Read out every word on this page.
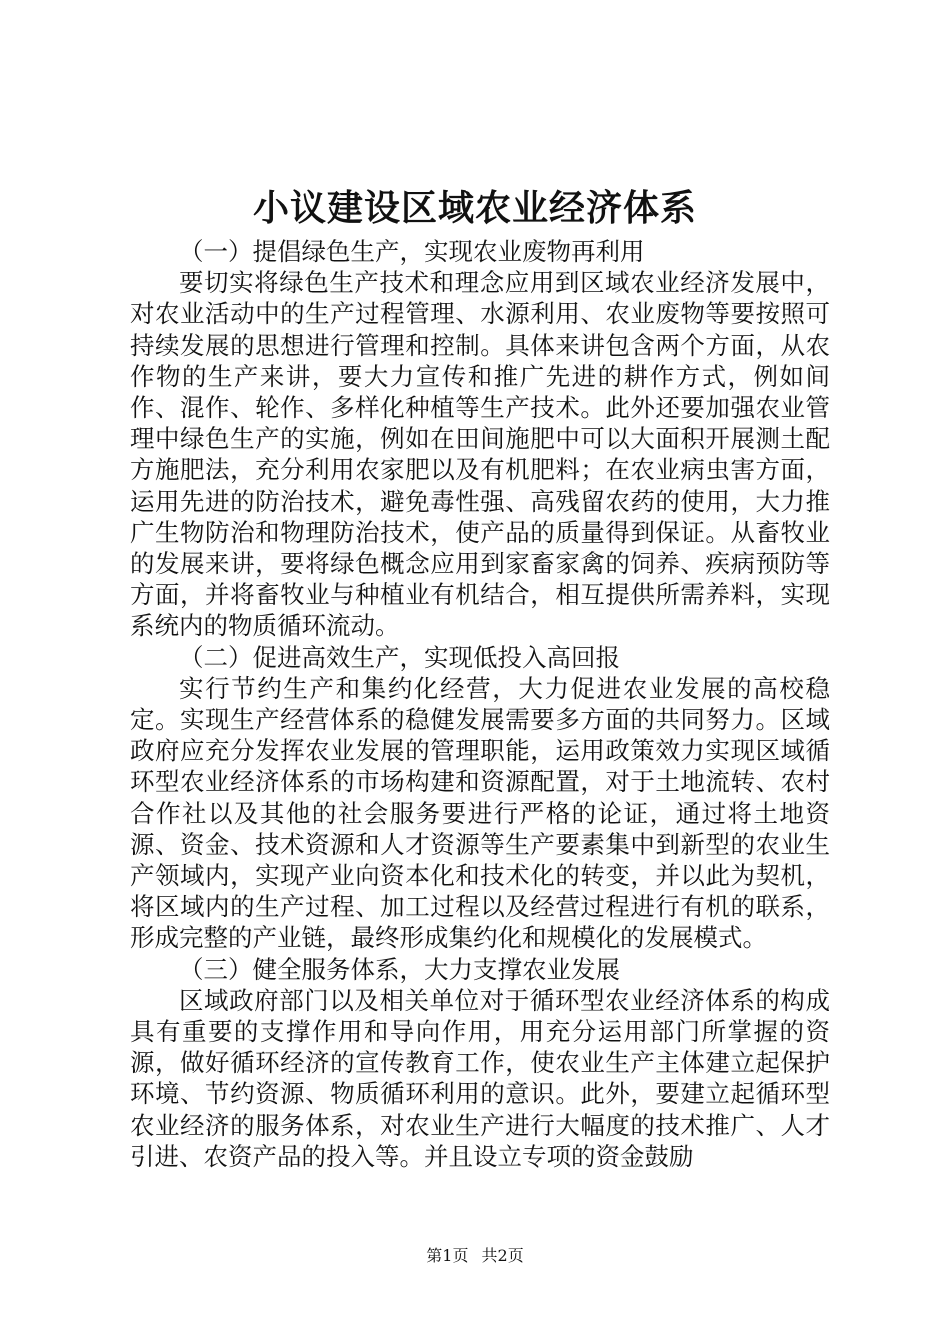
小议建设区域农业经济体系

（一）提倡绿色生产，实现农业废物再利用

要切实将绿色生产技术和理念应用到区域农业经济发展中，对农业活动中的生产过程管理、水源利用、农业废物等要按照可持续发展的思想进行管理和控制。具体来讲包含两个方面，从农作物的生产来讲，要大力宣传和推广先进的耕作方式，例如间作、混作、轮作、多样化种植等生产技术。此外还要加强农业管理中绿色生产的实施，例如在田间施肥中可以大面积开展测土配方施肥法，充分利用农家肥以及有机肥料；在农业病虫害方面，运用先进的防治技术，避免毒性强、高残留农药的使用，大力推广生物防治和物理防治技术，使产品的质量得到保证。从畜牧业的发展来讲，要将绿色概念应用到家畜家禽的饲养、疾病预防等方面，并将畜牧业与种植业有机结合，相互提供所需养料，实现系统内的物质循环流动。

（二）促进高效生产，实现低投入高回报

实行节约生产和集约化经营，大力促进农业发展的高校稳定。实现生产经营体系的稳健发展需要多方面的共同努力。区域政府应充分发挥农业发展的管理职能，运用政策效力实现区域循环型农业经济体系的市场构建和资源配置，对于土地流转、农村合作社以及其他的社会服务要进行严格的论证，通过将土地资源、资金、技术资源和人才资源等生产要素集中到新型的农业生产领域内，实现产业向资本化和技术化的转变，并以此为契机，将区域内的生产过程、加工过程以及经营过程进行有机的联系，形成完整的产业链，最终形成集约化和规模化的发展模式。

（三）健全服务体系，大力支撑农业发展

区域政府部门以及相关单位对于循环型农业经济体系的构成具有重要的支撑作用和导向作用，用充分运用部门所掌握的资源，做好循环经济的宣传教育工作，使农业生产主体建立起保护环境、节约资源、物质循环利用的意识。此外，要建立起循环型农业经济的服务体系，对农业生产进行大幅度的技术推广、人才引进、农资产品的投入等。并且设立专项的资金鼓励

第1页 共2页
